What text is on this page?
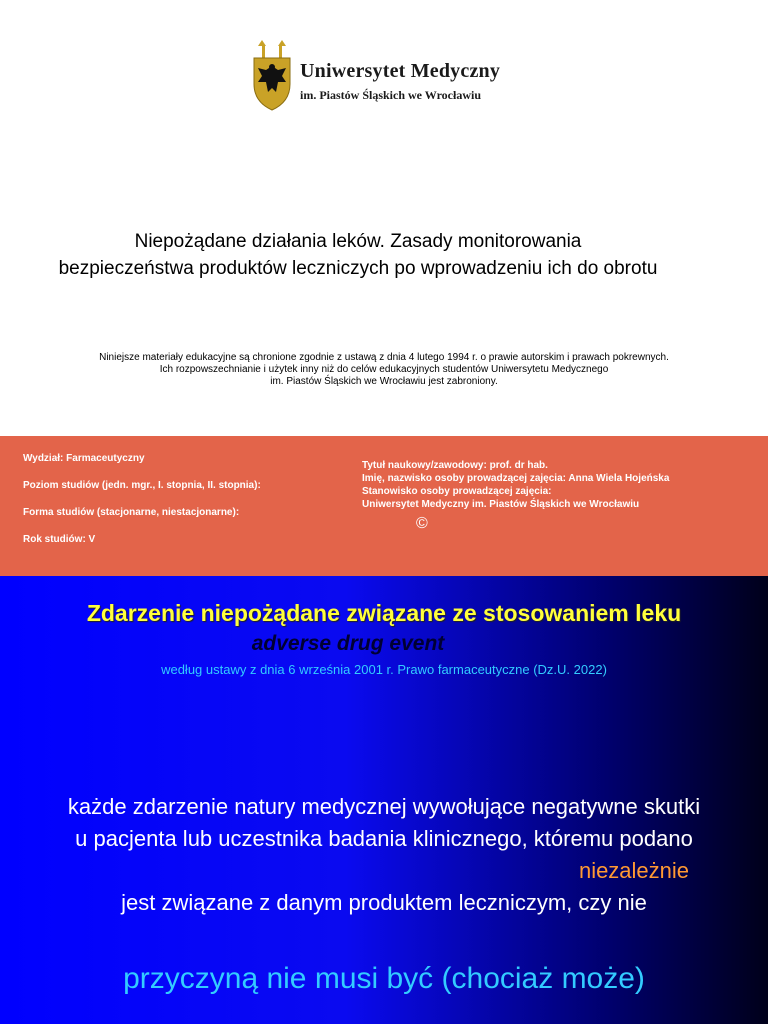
Uniwersytet Medyczny
im. Piastów Śląskich we Wrocławiu
Niepożądane działania leków. Zasady monitorowania
bezpieczeństwa produktów leczniczych po wprowadzeniu ich do obrotu
Niniejsze materiały edukacyjne są chronione zgodnie z ustawą z dnia 4 lutego 1994 r. o prawie autorskim i prawach pokrewnych.
Ich rozpowszechnianie i użytek inny niż do celów edukacyjnych studentów Uniwersytetu Medycznego
im. Piastów Śląskich we Wrocławiu jest zabroniony.
Wydział: Farmaceutyczny
Poziom studiów (jedn. mgr., I. stopnia, II. stopnia):
Forma studiów (stacjonarne, niestacjonarne):
Rok studiów: V
Tytuł naukowy/zawodowy: prof. dr hab.
Imię, nazwisko osoby prowadzącej zajęcia: Anna Wiela Hojeńska
Stanowisko osoby prowadzącej zajęcia:
Uniwersytet Medyczny im. Piastów Śląskich we Wrocławiu
©
Zdarzenie niepożądane związane ze stosowaniem leku
adverse drug event
według ustawy z dnia 6 września 2001 r. Prawo farmaceutyczne (Dz.U. 2022)
każde zdarzenie natury medycznej wywołujące negatywne skutki
u pacjenta lub uczestnika badania klinicznego, któremu podano
niezależnie
jest związane z danym produktem leczniczym, czy nie
przyczyną nie musi być (chociaż może)
